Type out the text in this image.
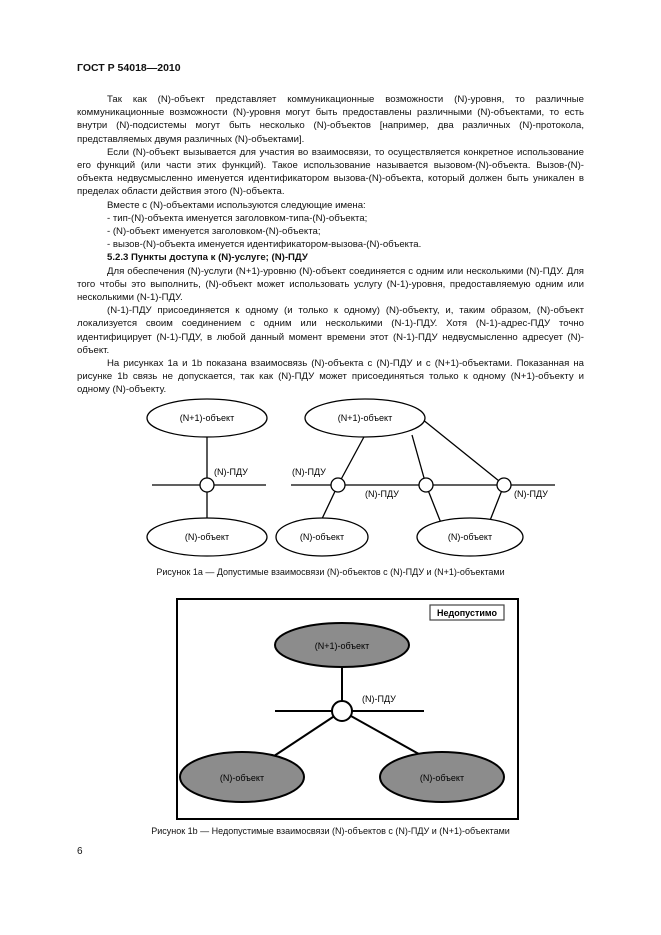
ГОСТ Р 54018—2010

Так как (N)-объект представляет коммуникационные возможности (N)-уровня, то различные коммуникационные возможности (N)-уровня могут быть предоставлены различными (N)-объектами, то есть внутри (N)-подсистемы могут быть несколько (N)-объектов [например, два различных (N)-протокола, представляемых двумя различных (N)-объектами].

Если (N)-объект вызывается для участия во взаимосвязи, то осуществляется конкретное использование его функций (или части этих функций). Такое использование называется вызовом-(N)-объекта. Вызов-(N)-объекта недвусмысленно именуется идентификатором вызова-(N)-объекта, который должен быть уникален в пределах области действия этого (N)-объекта.

Вместе с (N)-объектами используются следующие имена:

- тип-(N)-объекта именуется заголовком-типа-(N)-объекта;

- (N)-объект именуется заголовком-(N)-объекта;

- вызов-(N)-объекта именуется идентификатором-вызова-(N)-объекта.

5.2.3 Пункты доступа к (N)-услуге; (N)-ПДУ

Для обеспечения (N)-услуги (N+1)-уровню (N)-объект соединяется с одним или несколькими (N)-ПДУ. Для того чтобы это выполнить, (N)-объект может использовать услугу (N-1)-уровня, предоставляемую одним или несколькими (N-1)-ПДУ.

(N-1)-ПДУ присоединяется к одному (и только к одному) (N)-объекту, и, таким образом, (N)-объект локализуется своим соединением с одним или несколькими (N-1)-ПДУ. Хотя (N-1)-адрес-ПДУ точно идентифицирует (N-1)-ПДУ, в любой данный момент времени этот (N-1)-ПДУ недвусмысленно адресует (N)-объект.

На рисунках 1а и 1b показана взаимосвязь (N)-объекта с (N)-ПДУ и с (N+1)-объектами. Показанная на рисунке 1b связь не допускается, так как (N)-ПДУ может присоединяться только к одному (N+1)-объекту и одному (N)-объекту.

(N+1)-объект
(N)-ПДУ
(N)-объект
(N+1)-объект
(N)-ПДУ
(N)-ПДУ	(N)-ПДУ
(N)-объект	(N)-объект
Рисунок 1а — Допустимые взаимосвязи (N)-объектов с (N)-ПДУ и (N+1)-объектами
Недопустимо
(N+1)-объект
(N)-ПДУ
(N)-объект	(N)-объект
Рисунок 1b — Недопустимые взаимосвязи (N)-объектов с (N)-ПДУ и (N+1)-объектами
6
